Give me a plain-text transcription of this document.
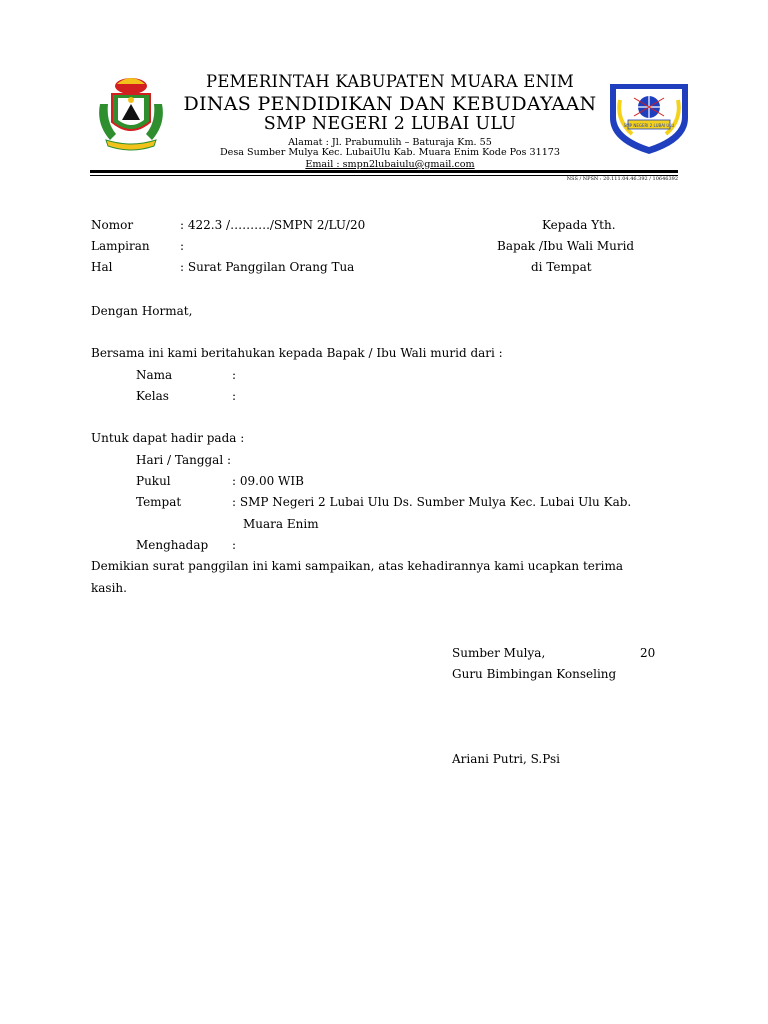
PEMERINTAH KABUPATEN MUARA ENIM
DINAS PENDIDIKAN DAN KEBUDAYAAN
SMP NEGERI 2 LUBAI ULU
Alamat : Jl. Prabumulih – Baturaja Km. 55
Desa Sumber Mulya Kec. LubaiUlu Kab. Muara Enim Kode Pos 31173
Email : smpn2lubaiulu@gmail.com
SMP NEGERI 2 LUBAI ULU
NSS / NPSN : 20.111.04.46.392 / 10646392
Nomor	: 422.3 /………./SMPN 2/LU/20	Kepada Yth.
Lampiran	:	Bapak /Ibu Wali Murid
Hal	: Surat Panggilan Orang Tua	di Tempat
Dengan Hormat,
Bersama ini kami beritahukan kepada Bapak / Ibu Wali murid dari :
Nama	:
Kelas	:
Untuk dapat hadir pada :
Hari / Tanggal :
Pukul	: 09.00 WIB
Tempat	: SMP Negeri 2 Lubai Ulu Ds. Sumber Mulya Kec. Lubai Ulu Kab.
Muara Enim
Menghadap :
Demikian surat panggilan ini kami sampaikan, atas kehadirannya kami ucapkan terima
kasih.
Sumber Mulya,	20
Guru Bimbingan Konseling
Ariani Putri, S.Psi
